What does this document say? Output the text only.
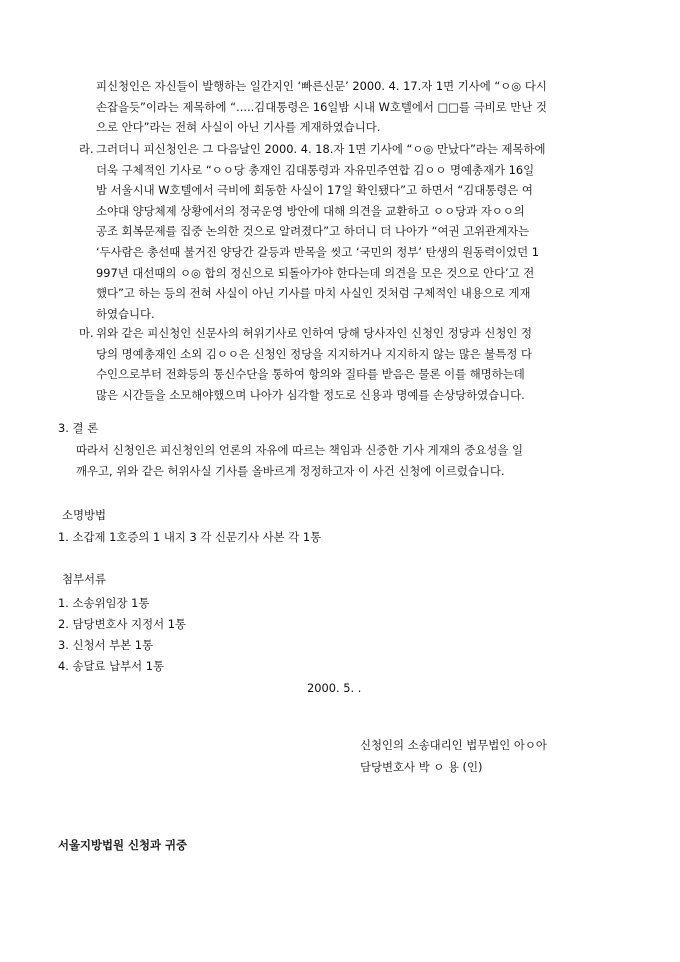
피신청인은 자신들이 발행하는 일간지인 ‘빠른신문’ 2000. 4. 17.자 1면 기사에 “ㅇ◎ 다시
손잡을듯”이라는 제목하에 “.....김대통령은 16일밤 시내 W호텔에서 □□를 극비로 만난 것
으로 안다”라는 전혀 사실이 아닌 기사를 게재하였습니다.
라. 그러더니 피신청인은 그 다음날인 2000. 4. 18.자 1면 기사에 “ㅇ◎ 만났다”라는 제목하에
더욱 구체적인 기사로 “ㅇㅇ당 총재인 김대통령과 자유민주연합 김ㅇㅇ 명예총재가 16일
밤 서울시내 W호텔에서 극비에 회동한 사실이 17일 확인됐다”고 하면서 “김대통령은 여
소야대 양당체제 상황에서의 정국운영 방안에 대해 의견을 교환하고 ㅇㅇ당과 자ㅇㅇ의
공조 회복문제를 집중 논의한 것으로 알려졌다”고 하더니 더 나아가 “여권 고위관계자는
‘두사람은 총선때 불거진 양당간 갈등과 반목을 씻고 ‘국민의 정부’ 탄생의 원동력이었던 1
997년 대선때의 ㅇ◎ 합의 정신으로 되돌아가야 한다는데 의견을 모은 것으로 안다’고 전
했다”고 하는 등의 전혀 사실이 아닌 기사를 마치 사실인 것처럼 구체적인 내용으로 게재
하였습니다.
마. 위와 같은 피신청인 신문사의 허위기사로 인하여 당해 당사자인 신청인 정당과 신청인 정
당의 명예총재인 소외 김ㅇㅇ은 신청인 정당을 지지하거나 지지하지 않는 많은 불특정 다
수인으로부터 전화등의 통신수단을 통하여 항의와 질타를 받음은 물론 이를 해명하는데
많은 시간들을 소모해야했으며 나아가 심각할 정도로 신용과 명예를 손상당하였습니다.

3. 결 론

따라서 신청인은 피신청인의 언론의 자유에 따르는 책임과 신중한 기사 게재의 중요성을 일
깨우고, 위와 같은 허위사실 기사를 올바르게 정정하고자 이 사건 신청에 이르렀습니다.

소명방법

1. 소갑제 1호증의 1 내지 3 각 신문기사 사본 각 1통

첨부서류

1. 소송위임장 1통

2. 담당변호사 지정서 1통

3. 신청서 부본 1통

4. 송달료 납부서 1통

2000. 5. .

신청인의 소송대리인 법무법인 아ㅇ아

담당변호사 박 ㅇ 용 (인)

서울지방법원 신청과 귀중
